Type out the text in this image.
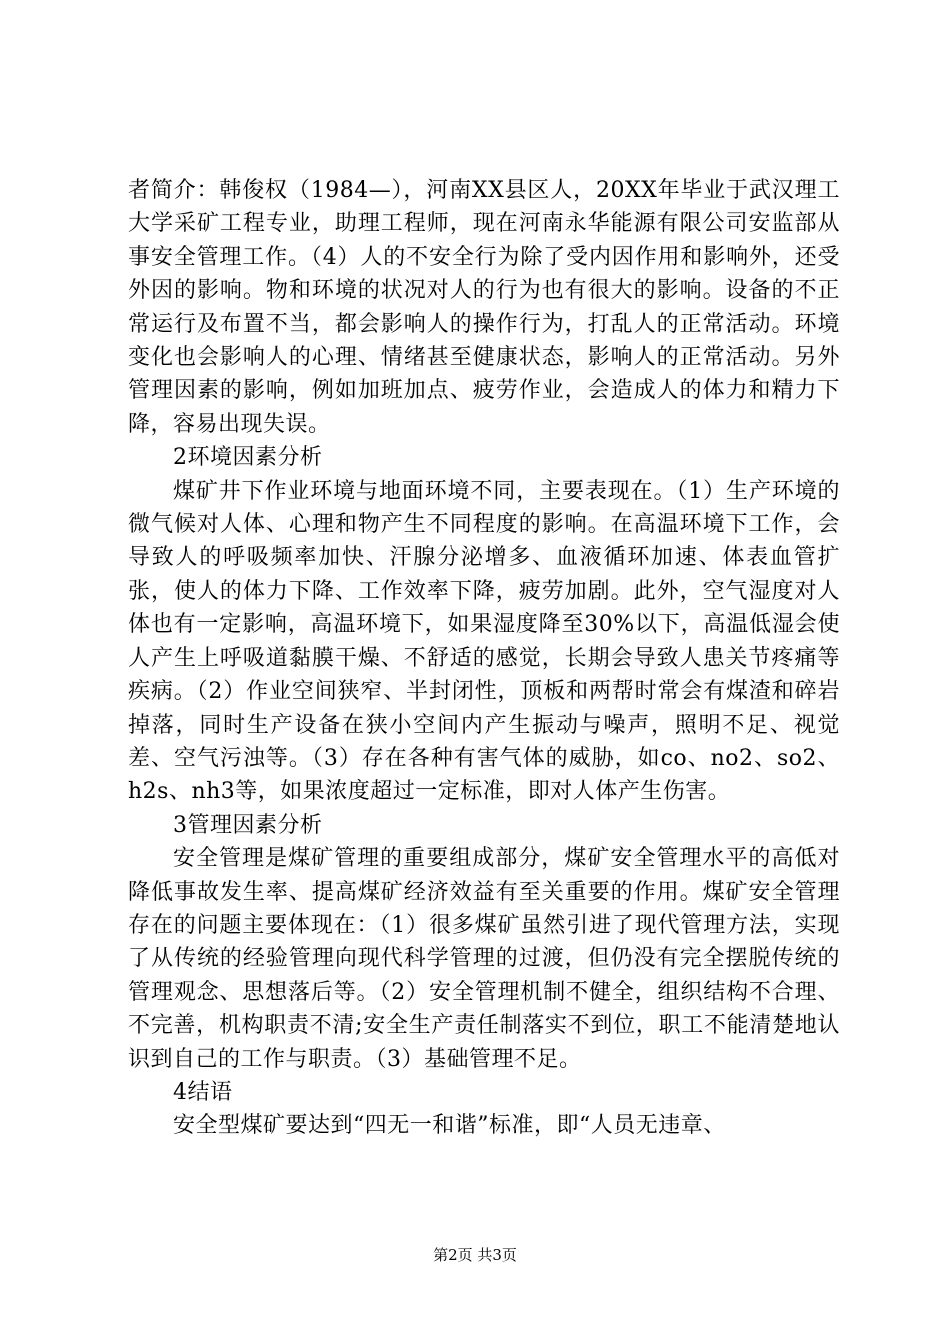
者简介：韩俊权（1984—），河南XX县区人，20XX年毕业于武汉理工大学采矿工程专业，助理工程师，现在河南永华能源有限公司安监部从事安全管理工作。（4）人的不安全行为除了受内因作用和影响外，还受外因的影响。物和环境的状况对人的行为也有很大的影响。设备的不正常运行及布置不当，都会影响人的操作行为，打乱人的正常活动。环境变化也会影响人的心理、情绪甚至健康状态，影响人的正常活动。另外管理因素的影响，例如加班加点、疲劳作业，会造成人的体力和精力下降，容易出现失误。

2环境因素分析

煤矿井下作业环境与地面环境不同，主要表现在。（1）生产环境的微气候对人体、心理和物产生不同程度的影响。在高温环境下工作，会导致人的呼吸频率加快、汗腺分泌增多、血液循环加速、体表血管扩张，使人的体力下降、工作效率下降，疲劳加剧。此外，空气湿度对人体也有一定影响，高温环境下，如果湿度降至30%以下，高温低湿会使人产生上呼吸道黏膜干燥、不舒适的感觉，长期会导致人患关节疼痛等疾病。（2）作业空间狭窄、半封闭性，顶板和两帮时常会有煤渣和碎岩掉落，同时生产设备在狭小空间内产生振动与噪声，照明不足、视觉差、空气污浊等。（3）存在各种有害气体的威胁，如co、no2、so2、h2s、nh3等，如果浓度超过一定标准，即对人体产生伤害。

3管理因素分析

安全管理是煤矿管理的重要组成部分，煤矿安全管理水平的高低对降低事故发生率、提高煤矿经济效益有至关重要的作用。煤矿安全管理存在的问题主要体现在：（1）很多煤矿虽然引进了现代管理方法，实现了从传统的经验管理向现代科学管理的过渡，但仍没有完全摆脱传统的管理观念、思想落后等。（2）安全管理机制不健全，组织结构不合理、不完善，机构职责不清;安全生产责任制落实不到位，职工不能清楚地认识到自己的工作与职责。（3）基础管理不足。

4结语

安全型煤矿要达到“四无一和谐”标准，即“人员无违章、

第2页 共3页
